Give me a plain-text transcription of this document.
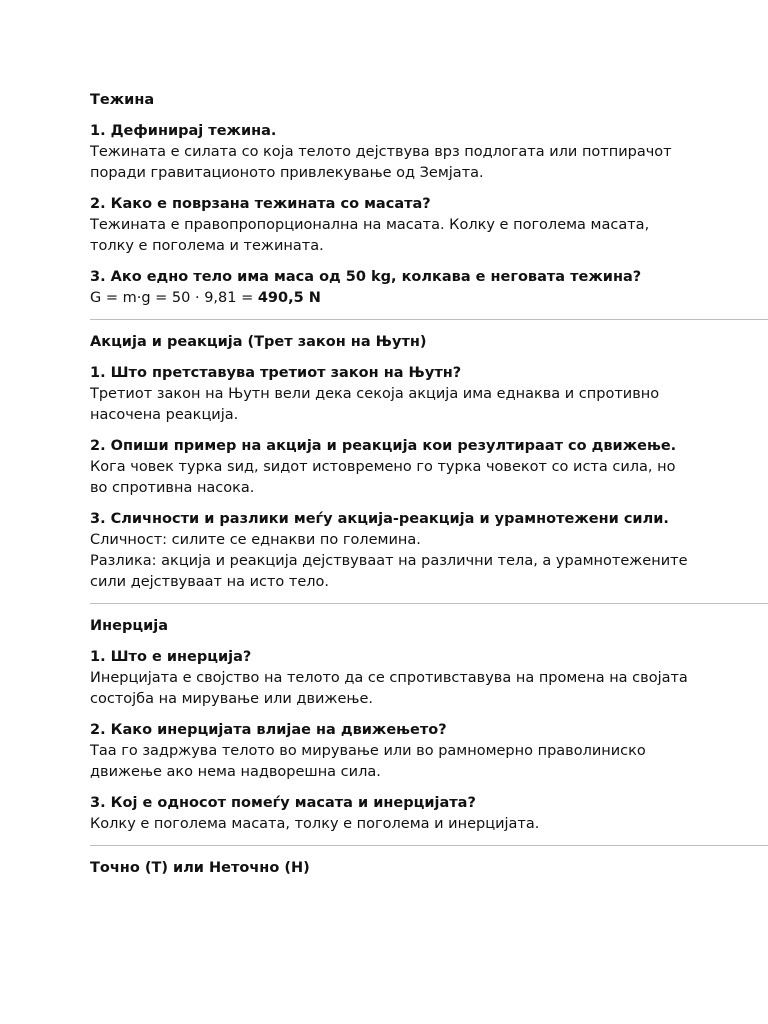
Тежина
1. Дефинирај тежина.
Тежината е силата со која телото дејствува врз подлогата или потпирачот поради гравитационото привлекување од Земјата.
2. Како е поврзана тежината со масата?
Тежината е правопропорционална на масата. Колку е поголема масата, толку е поголема и тежината.
3. Ако едно тело има маса од 50 kg, колкава е неговата тежина?
G = m·g = 50 · 9,81 = 490,5 N
Акција и реакција (Трет закон на Њутн)
1. Што претставува третиот закон на Њутн?
Третиот закон на Њутн вели дека секоја акција има еднаква и спротивно насочена реакција.
2. Опиши пример на акција и реакција кои резултираат со движење.
Кога човек турка ѕид, ѕидот истовремено го турка човекот со иста сила, но во спротивна насока.
3. Сличности и разлики меѓу акција-реакција и урамнотежени сили.
Сличност: силите се еднакви по големина.
Разлика: акција и реакција дејствуваат на различни тела, а урамнотежените сили дејствуваат на исто тело.
Инерција
1. Што е инерција?
Инерцијата е својство на телото да се спротивставува на промена на својата состојба на мирување или движење.
2. Како инерцијата влијае на движењето?
Таа го задржува телото во мирување или во рамномерно праволиниско движење ако нема надворешна сила.
3. Кој е односот помеѓу масата и инерцијата?
Колку е поголема масата, толку е поголема и инерцијата.
Точно (Т) или Неточно (Н)
